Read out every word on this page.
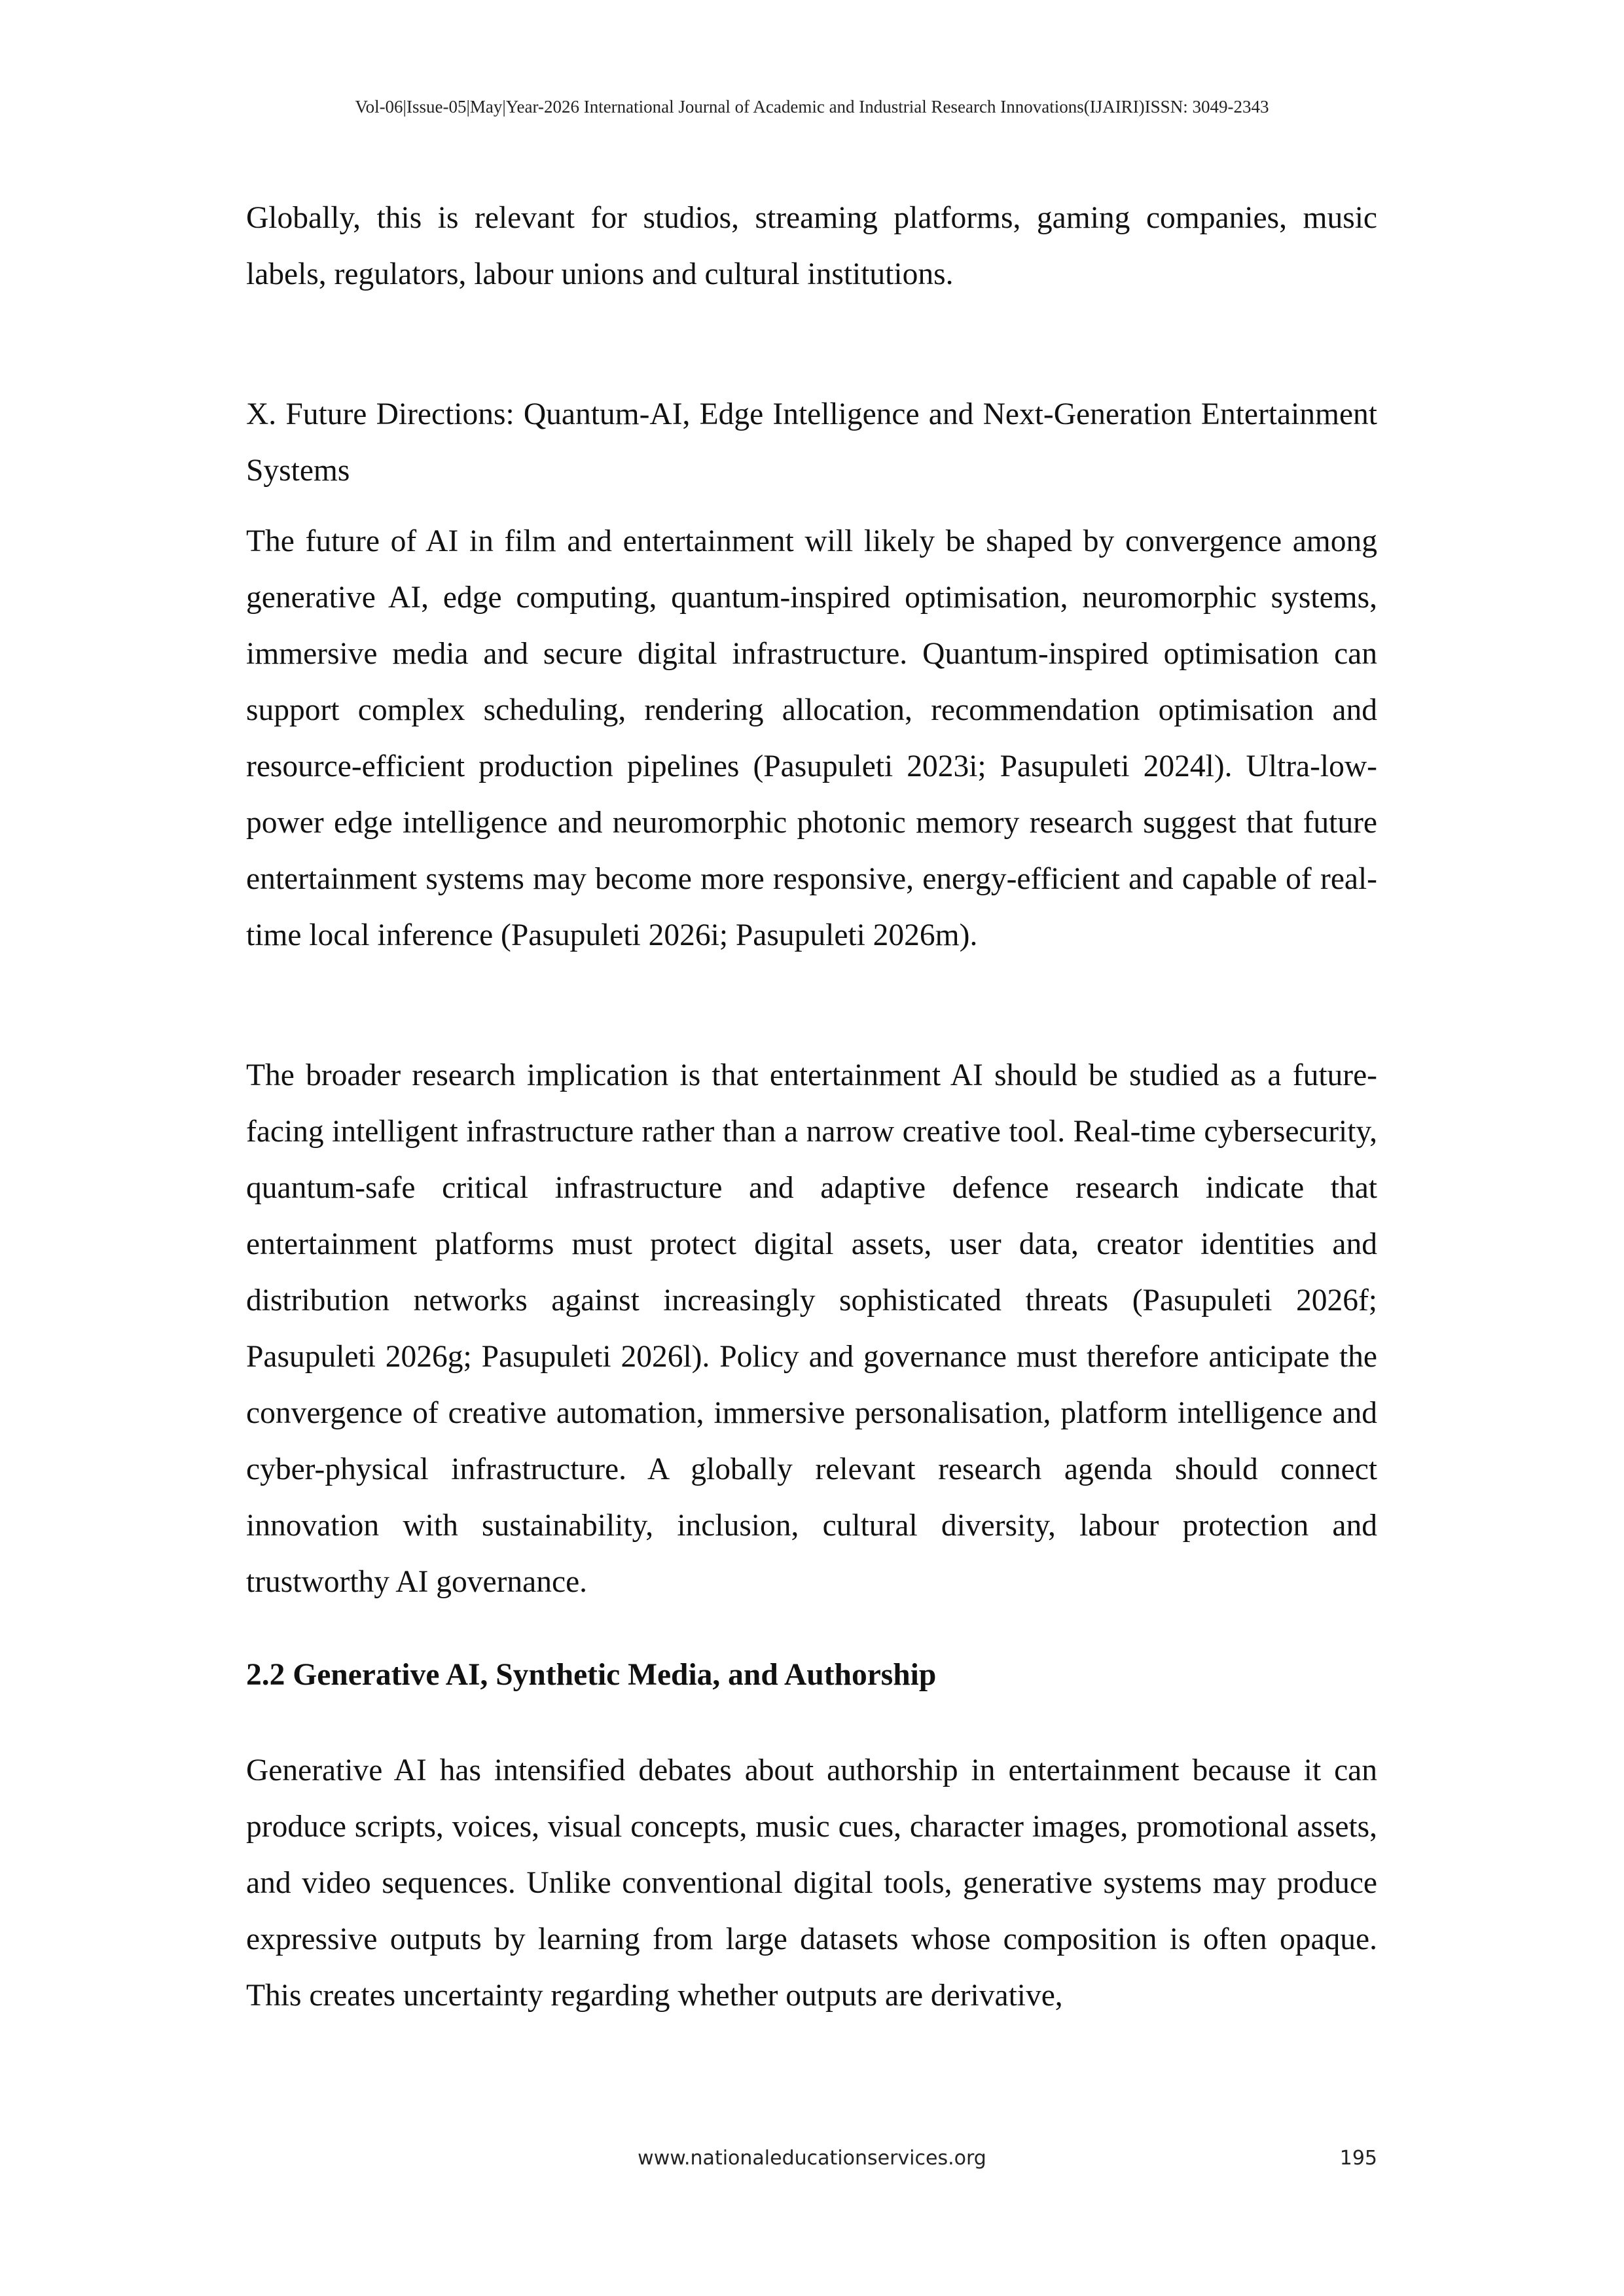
Vol-06|Issue-05|May|Year-2026 International Journal of Academic and Industrial Research Innovations(IJAIRI)ISSN: 3049-2343

Globally, this is relevant for studios, streaming platforms, gaming companies, music labels, regulators, labour unions and cultural institutions.

X. Future Directions: Quantum-AI, Edge Intelligence and Next-Generation Entertainment Systems

The future of AI in film and entertainment will likely be shaped by convergence among generative AI, edge computing, quantum-inspired optimisation, neuromorphic systems, immersive media and secure digital infrastructure. Quantum-inspired optimisation can support complex scheduling, rendering allocation, recommendation optimisation and resource-efficient production pipelines (Pasupuleti 2023i; Pasupuleti 2024l). Ultra-low-power edge intelligence and neuromorphic photonic memory research suggest that future entertainment systems may become more responsive, energy-efficient and capable of real-time local inference (Pasupuleti 2026i; Pasupuleti 2026m).

The broader research implication is that entertainment AI should be studied as a future-facing intelligent infrastructure rather than a narrow creative tool. Real-time cybersecurity, quantum-safe critical infrastructure and adaptive defence research indicate that entertainment platforms must protect digital assets, user data, creator identities and distribution networks against increasingly sophisticated threats (Pasupuleti 2026f; Pasupuleti 2026g; Pasupuleti 2026l). Policy and governance must therefore anticipate the convergence of creative automation, immersive personalisation, platform intelligence and cyber-physical infrastructure. A globally relevant research agenda should connect innovation with sustainability, inclusion, cultural diversity, labour protection and trustworthy AI governance.

2.2 Generative AI, Synthetic Media, and Authorship

Generative AI has intensified debates about authorship in entertainment because it can produce scripts, voices, visual concepts, music cues, character images, promotional assets, and video sequences. Unlike conventional digital tools, generative systems may produce expressive outputs by learning from large datasets whose composition is often opaque. This creates uncertainty regarding whether outputs are derivative,

www.nationaleducationservices.org	195
